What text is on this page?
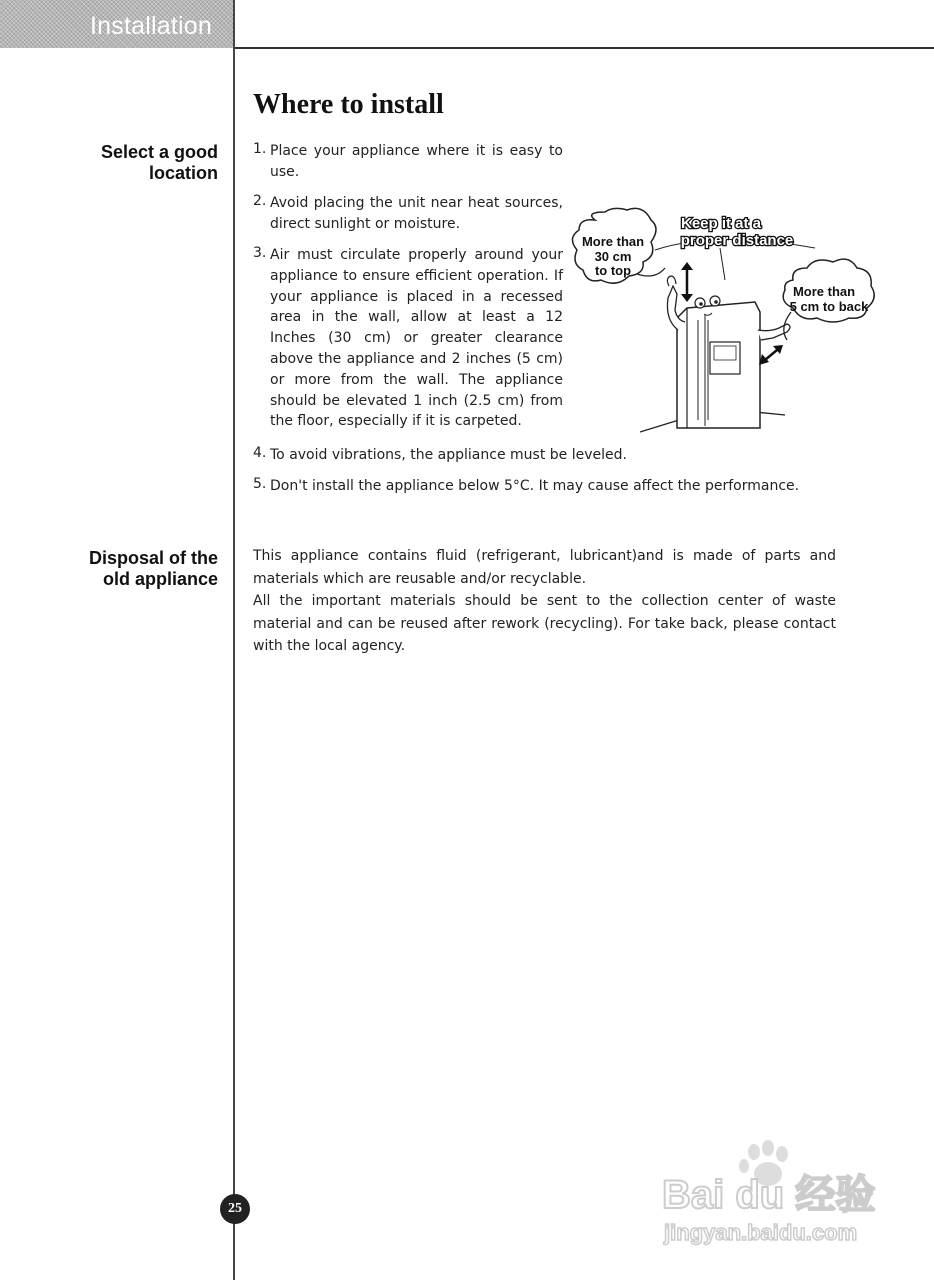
Installation
Where to install
Select a good
location
1. Place your appliance where it is easy to use.
2. Avoid placing the unit near heat sources, direct sunlight or moisture.
3. Air must circulate properly around your appliance to ensure efficient operation. If your appliance is placed in a recessed area in the wall, allow at least a 12 Inches (30 cm) or greater clearance above the appliance and 2 inches (5 cm) or more from the wall. The appliance should be elevated 1 inch (2.5 cm) from the floor, especially if it is carpeted.
4. To avoid vibrations, the appliance must be leveled.
5. Don't install the appliance below 5°C. It may cause affect the performance.
More than
30 cm
to top
More than
5 cm to back
Keep it at a
proper distance
Disposal of the
old appliance

This appliance contains fluid (refrigerant, lubricant)and is made of parts and materials which are reusable and/or recyclable.

All the important materials should be sent to the collection center of waste material and can be reused after rework (recycling). For take back, please contact with the local agency.

25	Bai du 经验
jingyan.baidu.com
